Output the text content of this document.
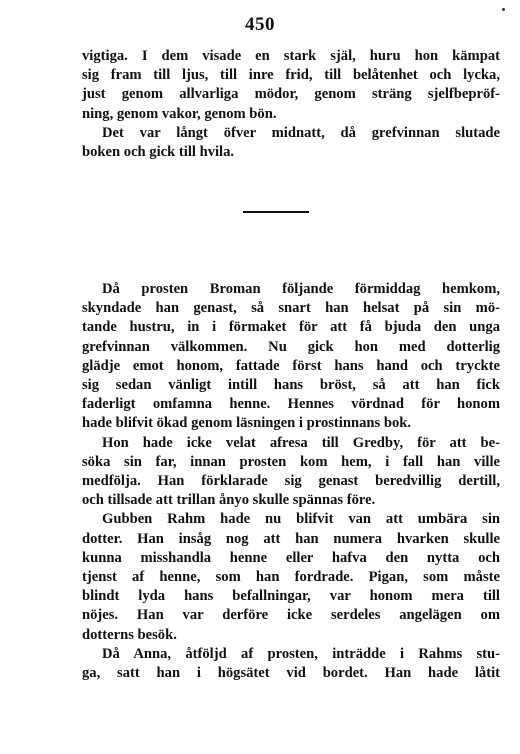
450
vigtiga. I dem visade en stark själ, huru hon kämpat
sig fram till ljus, till inre frid, till belåtenhet och lycka,
just genom allvarliga mödor, genom sträng sjelfbepröf-
ning, genom vakor, genom bön.
Det var långt öfver midnatt, då grefvinnan slutade
boken och gick till hvila.
Då prosten Broman följande förmiddag hemkom,
skyndade han genast, så snart han helsat på sin mö-
tande hustru, in i förmaket för att få bjuda den unga
grefvinnan välkommen. Nu gick hon med dotterlig
glädje emot honom, fattade först hans hand och tryckte
sig sedan vänligt intill hans bröst, så att han fick
faderligt omfamna henne. Hennes vördnad för honom
hade blifvit ökad genom läsningen i prostinnans bok.
Hon hade icke velat afresa till Gredby, för att be-
söka sin far, innan prosten kom hem, i fall han ville
medfölja. Han förklarade sig genast beredvillig dertill,
och tillsade att trillan ånyo skulle spännas före.
Gubben Rahm hade nu blifvit van att umbära sin
dotter. Han insåg nog att han numera hvarken skulle
kunna misshandla henne eller hafva den nytta och
tjenst af henne, som han fordrade. Pigan, som måste
blindt lyda hans befallningar, var honom mera till
nöjes. Han var derföre icke serdeles angelägen om
dotterns besök.
Då Anna, åtföljd af prosten, inträdde i Rahms stu-
ga, satt han i högsätet vid bordet. Han hade låtit
